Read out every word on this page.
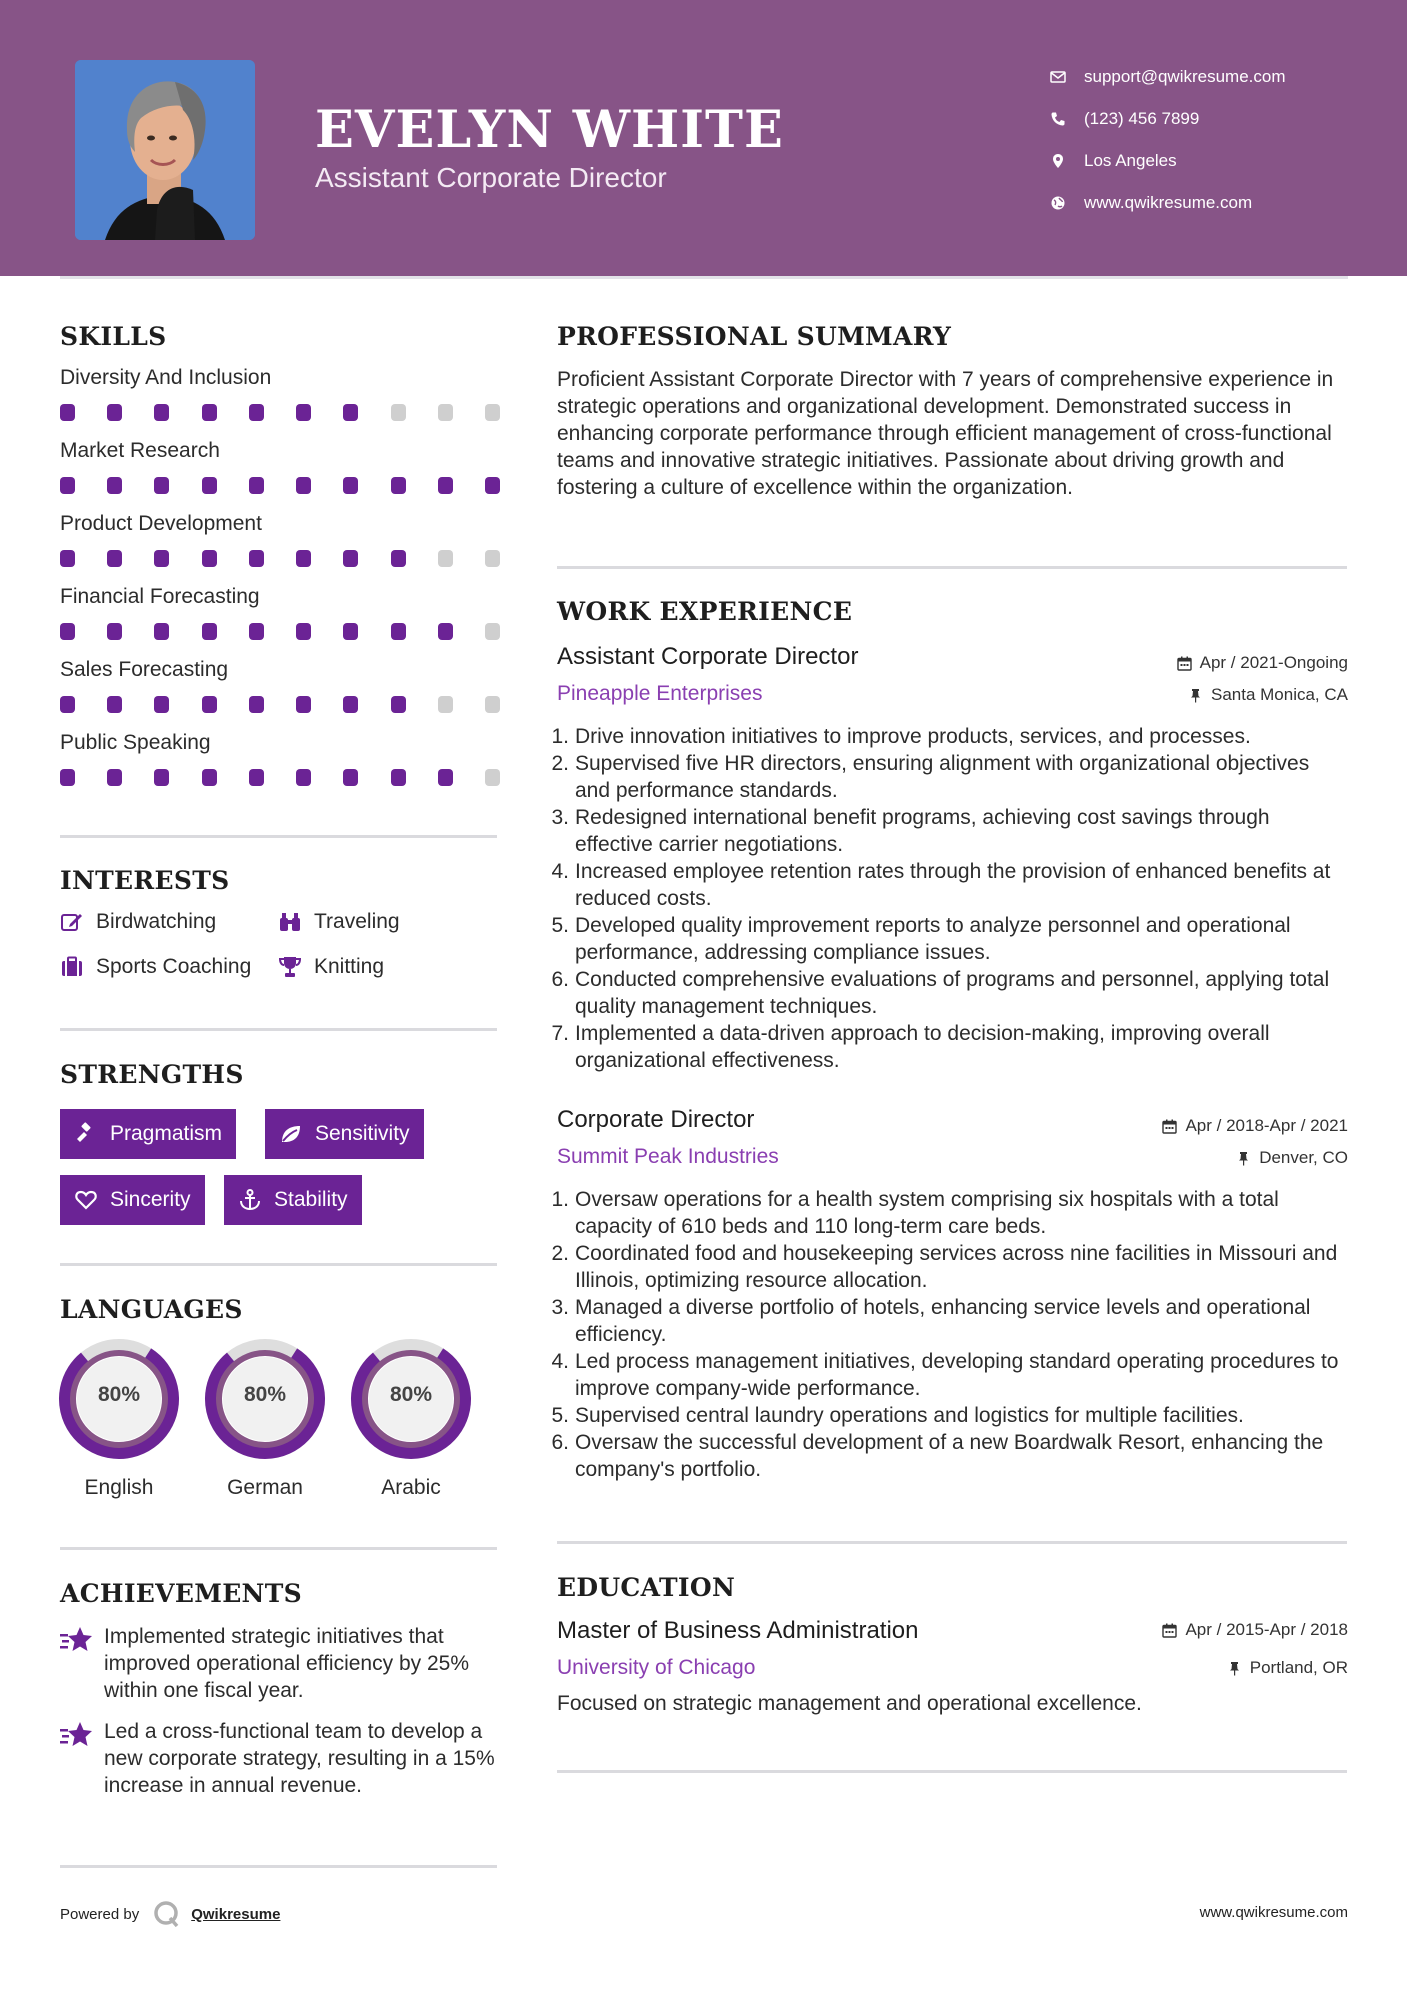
EVELYN WHITE
Assistant Corporate Director
support@qwikresume.com
(123) 456 7899
Los Angeles
www.qwikresume.com
SKILLS
Diversity And Inclusion
Market Research
Product Development
Financial Forecasting
Sales Forecasting
Public Speaking
INTERESTS
Birdwatching	Traveling
Sports Coaching	Knitting
STRENGTHS
Pragmatism	Sensitivity
Sincerity	Stability
LANGUAGES
80%
English
80%
German
80%
Arabic
ACHIEVEMENTS

Implemented strategic initiatives that improved operational efficiency by 25% within one fiscal year.

Led a cross-functional team to develop a new corporate strategy, resulting in a 15% increase in annual revenue.

PROFESSIONAL SUMMARY

Proficient Assistant Corporate Director with 7 years of comprehensive experience in strategic operations and organizational development. Demonstrated success in enhancing corporate performance through efficient management of cross-functional teams and innovative strategic initiatives. Passionate about driving growth and fostering a culture of excellence within the organization.

WORK EXPERIENCE
Assistant Corporate Director	Apr / 2021-Ongoing
Pineapple Enterprises	Santa Monica, CA
1. Drive innovation initiatives to improve products, services, and processes.
2. Supervised five HR directors, ensuring alignment with organizational objectives and performance standards.
3. Redesigned international benefit programs, achieving cost savings through effective carrier negotiations.
4. Increased employee retention rates through the provision of enhanced benefits at reduced costs.
5. Developed quality improvement reports to analyze personnel and operational performance, addressing compliance issues.
6. Conducted comprehensive evaluations of programs and personnel, applying total quality management techniques.
7. Implemented a data-driven approach to decision-making, improving overall organizational effectiveness.
Corporate Director	Apr / 2018-Apr / 2021
Summit Peak Industries	Denver, CO
1. Oversaw operations for a health system comprising six hospitals with a total capacity of 610 beds and 110 long-term care beds.
2. Coordinated food and housekeeping services across nine facilities in Missouri and Illinois, optimizing resource allocation.
3. Managed a diverse portfolio of hotels, enhancing service levels and operational efficiency.
4. Led process management initiatives, developing standard operating procedures to improve company-wide performance.
5. Supervised central laundry operations and logistics for multiple facilities.
6. Oversaw the successful development of a new Boardwalk Resort, enhancing the company's portfolio.
EDUCATION
Master of Business Administration	Apr / 2015-Apr / 2018
University of Chicago	Portland, OR
Focused on strategic management and operational excellence.
Powered by	Qwikresume	www.qwikresume.com
